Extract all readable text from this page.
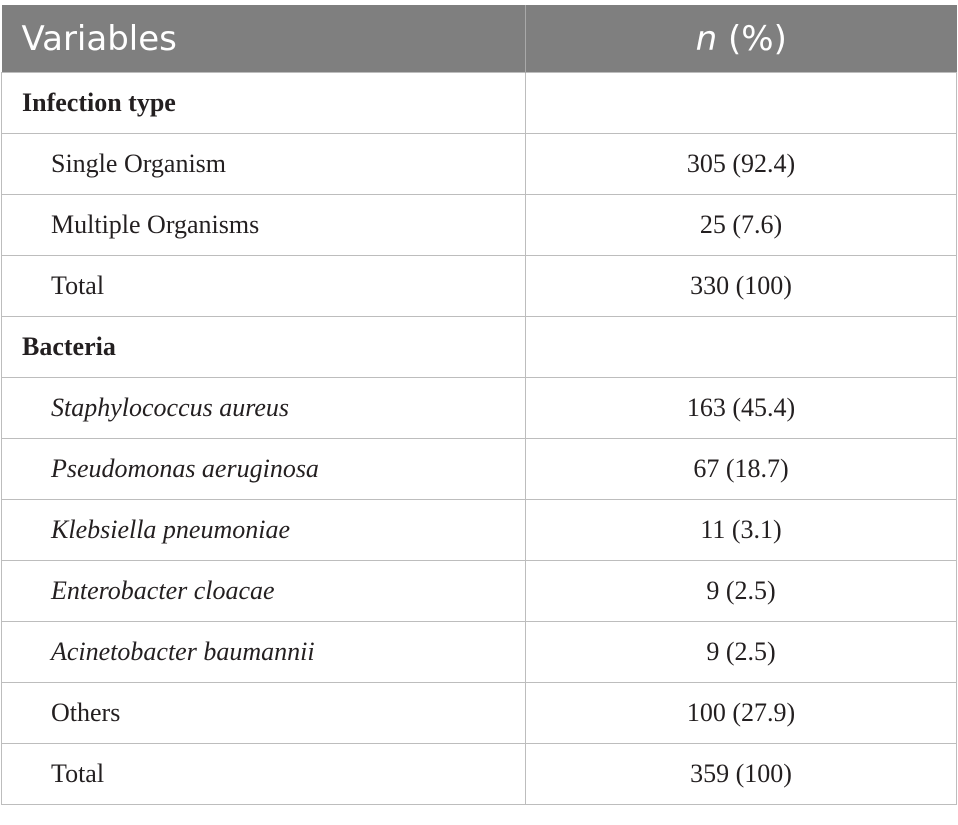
Variables	n (%)
Infection type	
Single Organism	305 (92.4)
Multiple Organisms	25 (7.6)
Total	330 (100)
Bacteria	
Staphylococcus aureus	163 (45.4)
Pseudomonas aeruginosa	67 (18.7)
Klebsiella pneumoniae	11 (3.1)
Enterobacter cloacae	9 (2.5)
Acinetobacter baumannii	9 (2.5)
Others	100 (27.9)
Total	359 (100)
